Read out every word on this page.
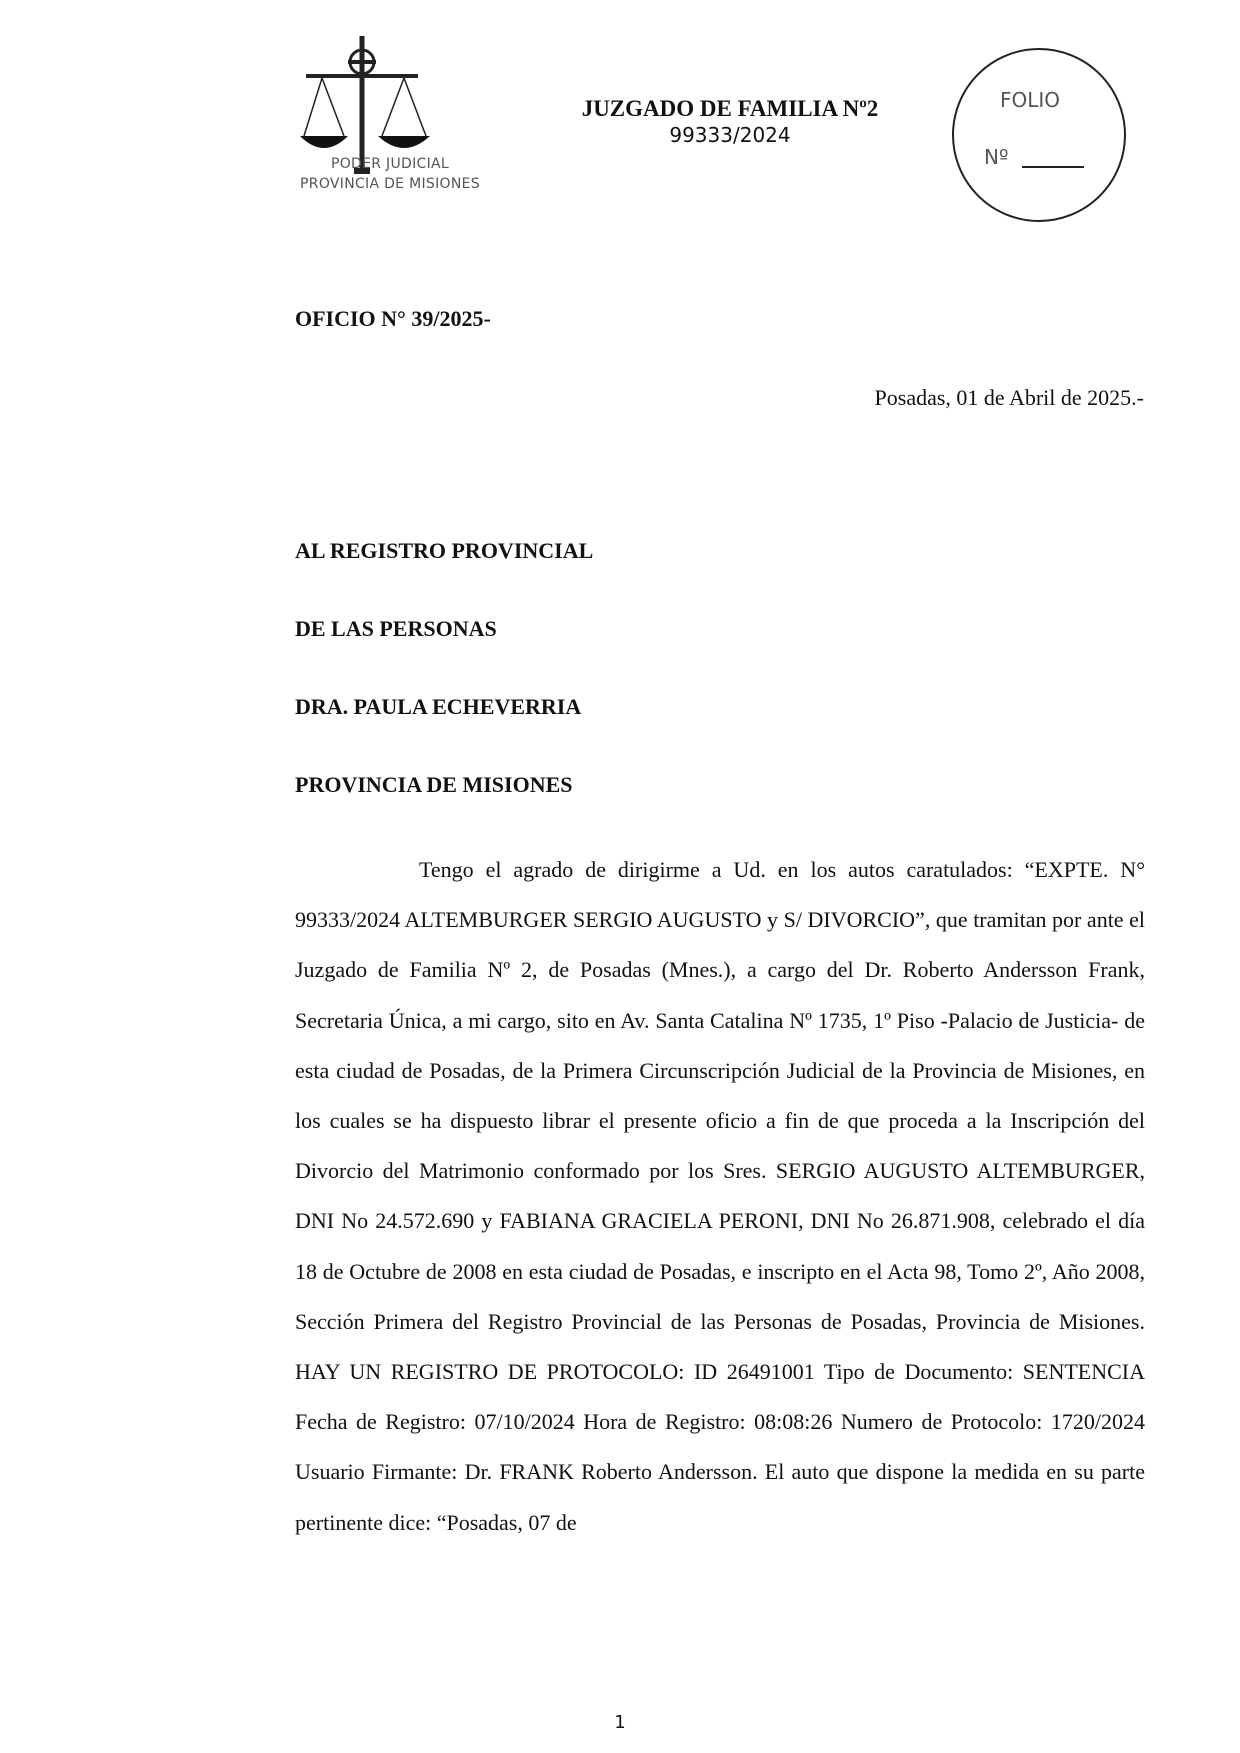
PODER JUDICIAL
PROVINCIA DE MISIONES
JUZGADO DE FAMILIA Nº2
99333/2024
FOLIO
Nº
OFICIO N° 39/2025-
Posadas, 01 de Abril de 2025.-
AL REGISTRO PROVINCIAL
DE LAS PERSONAS
DRA. PAULA ECHEVERRIA
PROVINCIA DE MISIONES

Tengo el agrado de dirigirme a Ud. en los autos caratulados: “EXPTE. N° 99333/2024 ALTEMBURGER SERGIO AUGUSTO y S/ DIVORCIO”, que tramitan por ante el Juzgado de Familia Nº 2, de Posadas (Mnes.), a cargo del Dr. Roberto Andersson Frank, Secretaria Única, a mi cargo, sito en Av. Santa Catalina Nº 1735, 1º Piso -Palacio de Justicia- de esta ciudad de Posadas, de la Primera Circunscripción Judicial de la Provincia de Misiones, en los cuales se ha dispuesto librar el presente oficio a fin de que proceda a la Inscripción del Divorcio del Matrimonio conformado por los Sres. SERGIO AUGUSTO ALTEMBURGER, DNI No 24.572.690 y FABIANA GRACIELA PERONI, DNI No 26.871.908, celebrado el día 18 de Octubre de 2008 en esta ciudad de Posadas, e inscripto en el Acta 98, Tomo 2º, Año 2008, Sección Primera del Registro Provincial de las Personas de Posadas, Provincia de Misiones. HAY UN REGISTRO DE PROTOCOLO: ID 26491001 Tipo de Documento: SENTENCIA Fecha de Registro: 07/10/2024 Hora de Registro: 08:08:26 Numero de Protocolo: 1720/2024 Usuario Firmante: Dr. FRANK Roberto Andersson. El auto que dispone la medida en su parte pertinente dice: “Posadas, 07 de

1
